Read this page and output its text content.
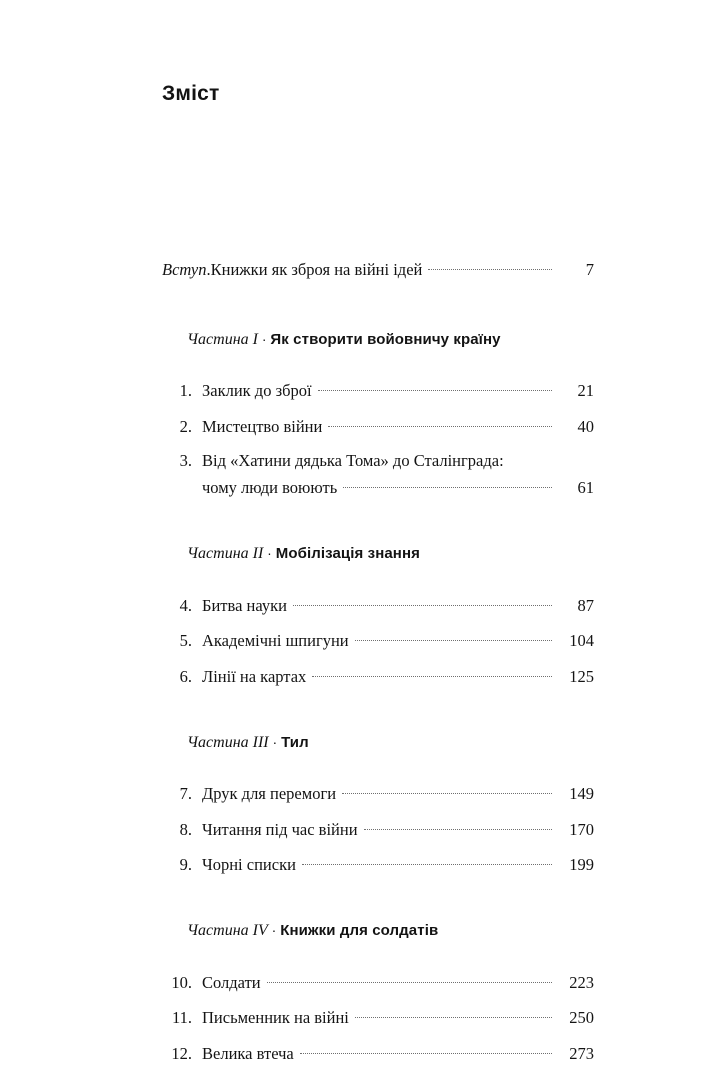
Зміст
Вступ . Книжки як зброя на війні ідей	7

Частина I · Як створити войовничу країну

1. Заклик до зброї	21
2. Мистецтво війни	40
3. Від «Хатини дядька Тома» до Сталінграда:
чому люди воюють	61

Частина II · Мобілізація знання

4. Битва науки	87
5. Академічні шпигуни	104
6. Лінії на картах	125

Частина III · Тил

7. Друк для перемоги	149
8. Читання під час війни	170
9. Чорні списки	199

Частина IV · Книжки для солдатів

10. Солдати	223
11. Письменник на війні	250
12. Велика втеча	273
